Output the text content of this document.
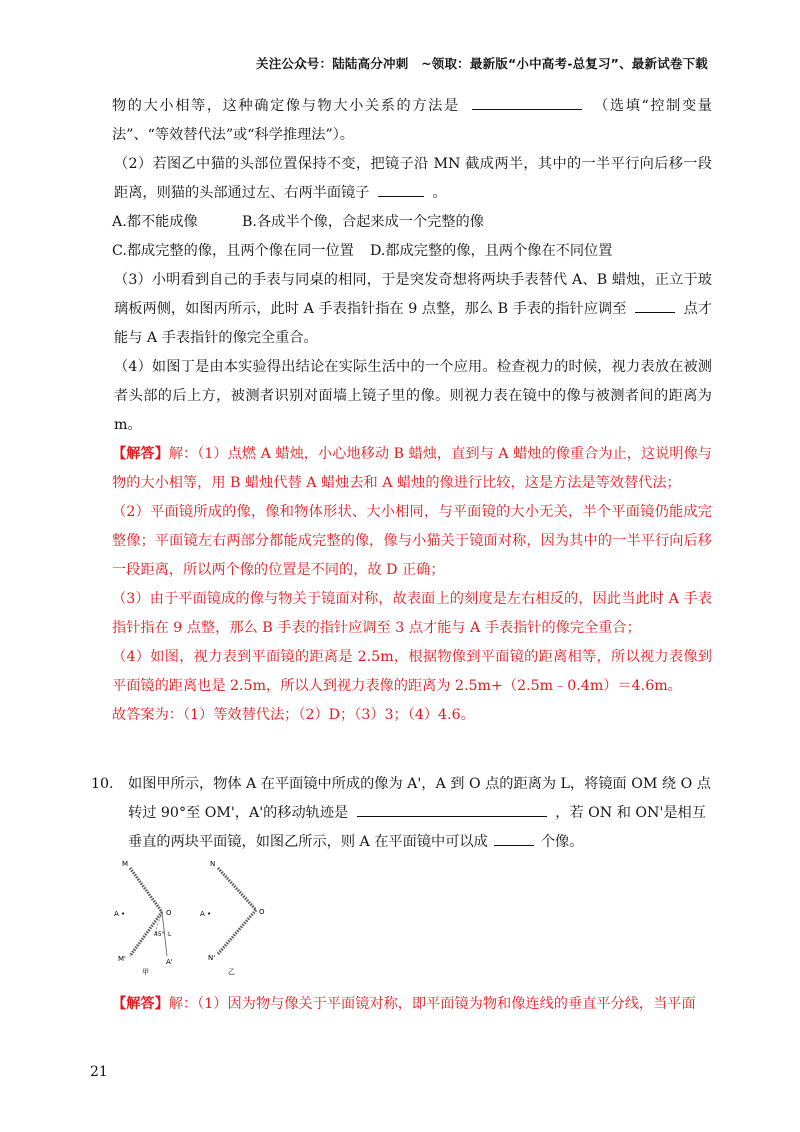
关注公众号：陆陆高分冲刺　~领取：最新版“小中高考-总复习”、最新试卷下载

物的大小相等，这种确定像与物大小关系的方法是	（选填“控制变量法”、“等效替代法”或“科学推理法”）。

（2）若图乙中猫的头部位置保持不变，把镜子沿 MN 截成两半，其中的一半平行向后移一段距离，则猫的头部通过左、右两半面镜子	。

A.都不能成像	B.各成半个像，合起来成一个完整的像
C.都成完整的像，且两个像在同一位置	D.都成完整的像，且两个像在不同位置

（3）小明看到自己的手表与同桌的相同，于是突发奇想将两块手表替代 A、B 蜡烛，正立于玻璃板两侧，如图丙所示，此时 A 手表指针指在 9 点整，那么 B 手表的指针应调至	点才能与 A 手表指针的像完全重合。

（4）如图丁是由本实验得出结论在实际生活中的一个应用。检查视力的时候，视力表放在被测者头部的后上方，被测者识别对面墙上镜子里的像。则视力表在镜中的像与被测者间的距离为 m。

【解答】解：（1）点燃 A 蜡烛，小心地移动 B 蜡烛，直到与 A 蜡烛的像重合为止，这说明像与物的大小相等，用 B 蜡烛代替 A 蜡烛去和 A 蜡烛的像进行比较，这是方法是等效替代法；

（2）平面镜所成的像，像和物体形状、大小相同，与平面镜的大小无关，半个平面镜仍能成完整像；平面镜左右两部分都能成完整的像，像与小猫关于镜面对称，因为其中的一半平行向后移一段距离，所以两个像的位置是不同的，故 D 正确；

（3）由于平面镜成的像与物关于镜面对称，故表面上的刻度是左右相反的，因此当此时 A 手表指针指在 9 点整，那么 B 手表的指针应调至 3 点才能与 A 手表指针的像完全重合；

（4）如图，视力表到平面镜的距离是 2.5m，根据物像到平面镜的距离相等，所以视力表像到平面镜的距离也是 2.5m，所以人到视力表像的距离为 2.5m+（2.5m﹣0.4m）＝4.6m。

故答案为：（1）等效替代法；（2）D；（3）3；（4）4.6。

10. 如图甲所示，物体 A 在平面镜中所成的像为 A'，A 到 O 点的距离为 L，将镜面 OM 绕 O 点转过 90°至 OM'，A'的移动轨迹是	，若 ON 和 ON'是相互垂直的两块平面镜，如图乙所示，则 A 在平面镜中可以成	个像。
M
M'
A •	O
45° L
A'
甲
N
N'
A •	O
乙
【解答】解：（1）因为物与像关于平面镜对称，即平面镜为物和像连线的垂直平分线，当平面
21
